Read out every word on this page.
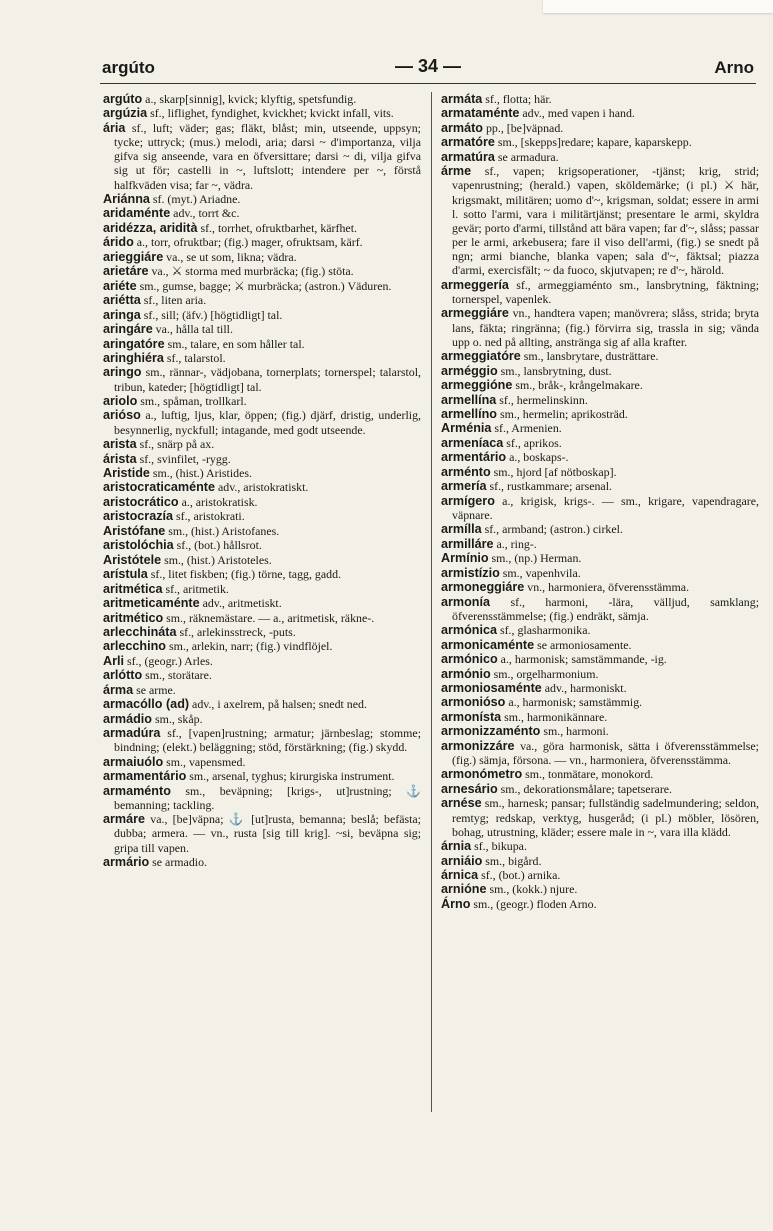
argúto	— 34 —	Arno
argúto a., skarp[sinnig], kvick; klyftig, spetsfundig.
argúzia sf., liflighet, fyndighet, kvickhet; kvickt infall, vits.
ária sf., luft; väder; gas; fläkt, blåst; min, utseende, uppsyn; tycke; uttryck; (mus.) melodi, aria; darsi ~ d'importanza, vilja gifva sig anseende, vara en öfversittare; darsi ~ di, vilja gifva sig ut för; castelli in ~, luftslott; intendere per ~, förstå halfkväden visa; far ~, vädra.
Ariánna sf. (myt.) Ariadne.
aridaménte adv., torrt &c.
aridézza, aridità sf., torrhet, ofruktbarhet, kärfhet.
árido a., torr, ofruktbar; (fig.) mager, ofruktsam, kärf.
arieggiáre va., se ut som, likna; vädra.
arietáre va., ⚔ storma med murbräcka; (fig.) stöta.
ariéte sm., gumse, bagge; ⚔ murbräcka; (astron.) Väduren.
ariétta sf., liten aria.
aringa sf., sill; (äfv.) [högtidligt] tal.
aringáre va., hålla tal till.
aringatóre sm., talare, en som håller tal.
aringhiéra sf., talarstol.
aringo sm., rännar-, vädjobana, tornerplats; tornerspel; talarstol, tribun, kateder; [högtidligt] tal.
ariolo sm., spåman, trollkarl.
arióso a., luftig, ljus, klar, öppen; (fig.) djärf, dristig, underlig, besynnerlig, nyckfull; intagande, med godt utseende.
arista sf., snärp på ax.
árista sf., svinfilet, -rygg.
Aristide sm., (hist.) Aristides.
aristocraticaménte adv., aristokratiskt.
aristocrático a., aristokratisk.
aristocrazía sf., aristokrati.
Aristófane sm., (hist.) Aristofanes.
aristolóchia sf., (bot.) hållsrot.
Aristótele sm., (hist.) Aristoteles.
arístula sf., litet fiskben; (fig.) törne, tagg, gadd.
aritmética sf., aritmetik.
aritmeticaménte adv., aritmetiskt.
aritmético sm., räknemästare. — a., aritmetisk, räkne-.
arlecchináta sf., arlekinsstreck, -puts.
arlecchino sm., arlekin, narr; (fig.) vindflöjel.
Arli sf., (geogr.) Arles.
arlótto sm., storätare.
árma se arme.
armacóllo (ad) adv., i axelrem, på halsen; snedt ned.
armádio sm., skåp.
armadúra sf., [vapen]rustning; armatur; järnbeslag; stomme; bindning; (elekt.) beläggning; stöd, förstärkning; (fig.) skydd.
armaiuólo sm., vapensmed.
armamentário sm., arsenal, tyghus; kirurgiska instrument.
armaménto sm., beväpning; [krigs-, ut]rustning; ⚓ bemanning; tackling.
armáre va., [be]väpna; ⚓ [ut]rusta, bemanna; beslå; befästa; dubba; armera. — vn., rusta [sig till krig]. ~si, beväpna sig; gripa till vapen.
armário se armadio.
armáta sf., flotta; här.
armataménte adv., med vapen i hand.
armáto pp., [be]väpnad.
armatóre sm., [skepps]redare; kapare, kaparskepp.
armatúra se armadura.
árme sf., vapen; krigsoperationer, -tjänst; krig, strid; vapenrustning; (herald.) vapen, sköldemärke; (i pl.) ⚔ här, krigsmakt, militären; uomo d'~, krigsman, soldat; essere in armi l. sotto l'armi, vara i militärtjänst; presentare le armi, skyldra gevär; porto d'armi, tillstånd att bära vapen; far d'~, slåss; passar per le armi, arkebusera; fare il viso dell'armi, (fig.) se snedt på ngn; armi bianche, blanka vapen; sala d'~, fäktsal; piazza d'armi, exercisfält; ~ da fuoco, skjutvapen; re d'~, härold.
armeggería sf., armeggiaménto sm., lansbrytning, fäktning; tornerspel, vapenlek.
armeggiáre vn., handtera vapen; manövrera; slåss, strida; bryta lans, fäkta; ringränna; (fig.) förvirra sig, trassla in sig; vända upp o. ned på allting, anstränga sig af alla krafter.
armeggiatóre sm., lansbrytare, dusträttare.
arméggio sm., lansbrytning, dust.
armeggióne sm., bråk-, krångelmakare.
armellína sf., hermelinskinn.
armellíno sm., hermelin; aprikosträd.
Arménia sf., Armenien.
armeníaca sf., aprikos.
armentário a., boskaps-.
arménto sm., hjord [af nötboskap].
armería sf., rustkammare; arsenal.
armígero a., krigisk, krigs-. — sm., krigare, vapendragare, väpnare.
armílla sf., armband; (astron.) cirkel.
armilláre a., ring-.
Armínio sm., (np.) Herman.
armistízio sm., vapenhvila.
armoneggiáre vn., harmoniera, öfverensstämma.
armonía sf., harmoni, -lära, välljud, samklang; öfverensstämmelse; (fig.) endräkt, sämja.
armónica sf., glasharmonika.
armonicaménte se armoniosamente.
armónico a., harmonisk; samstämmande, -ig.
armónio sm., orgelharmonium.
armoniosaménte adv., harmoniskt.
armonióso a., harmonisk; samstämmig.
armonísta sm., harmonikännare.
armonizzaménto sm., harmoni.
armonizzáre va., göra harmonisk, sätta i öfverensstämmelse; (fig.) sämja, försona. — vn., harmoniera, öfverensstämma.
armonómetro sm., tonmätare, monokord.
arnesário sm., dekorationsmålare; tapetserare.
arnése sm., harnesk; pansar; fullständig sadelmundering; seldon, remtyg; redskap, verktyg, husgeråd; (i pl.) möbler, lösören, bohag, utrustning, kläder; essere male in ~, vara illa klädd.
árnia sf., bikupa.
arniáio sm., bigård.
árnica sf., (bot.) arnika.
arnióne sm., (kokk.) njure.
Árno sm., (geogr.) floden Arno.
